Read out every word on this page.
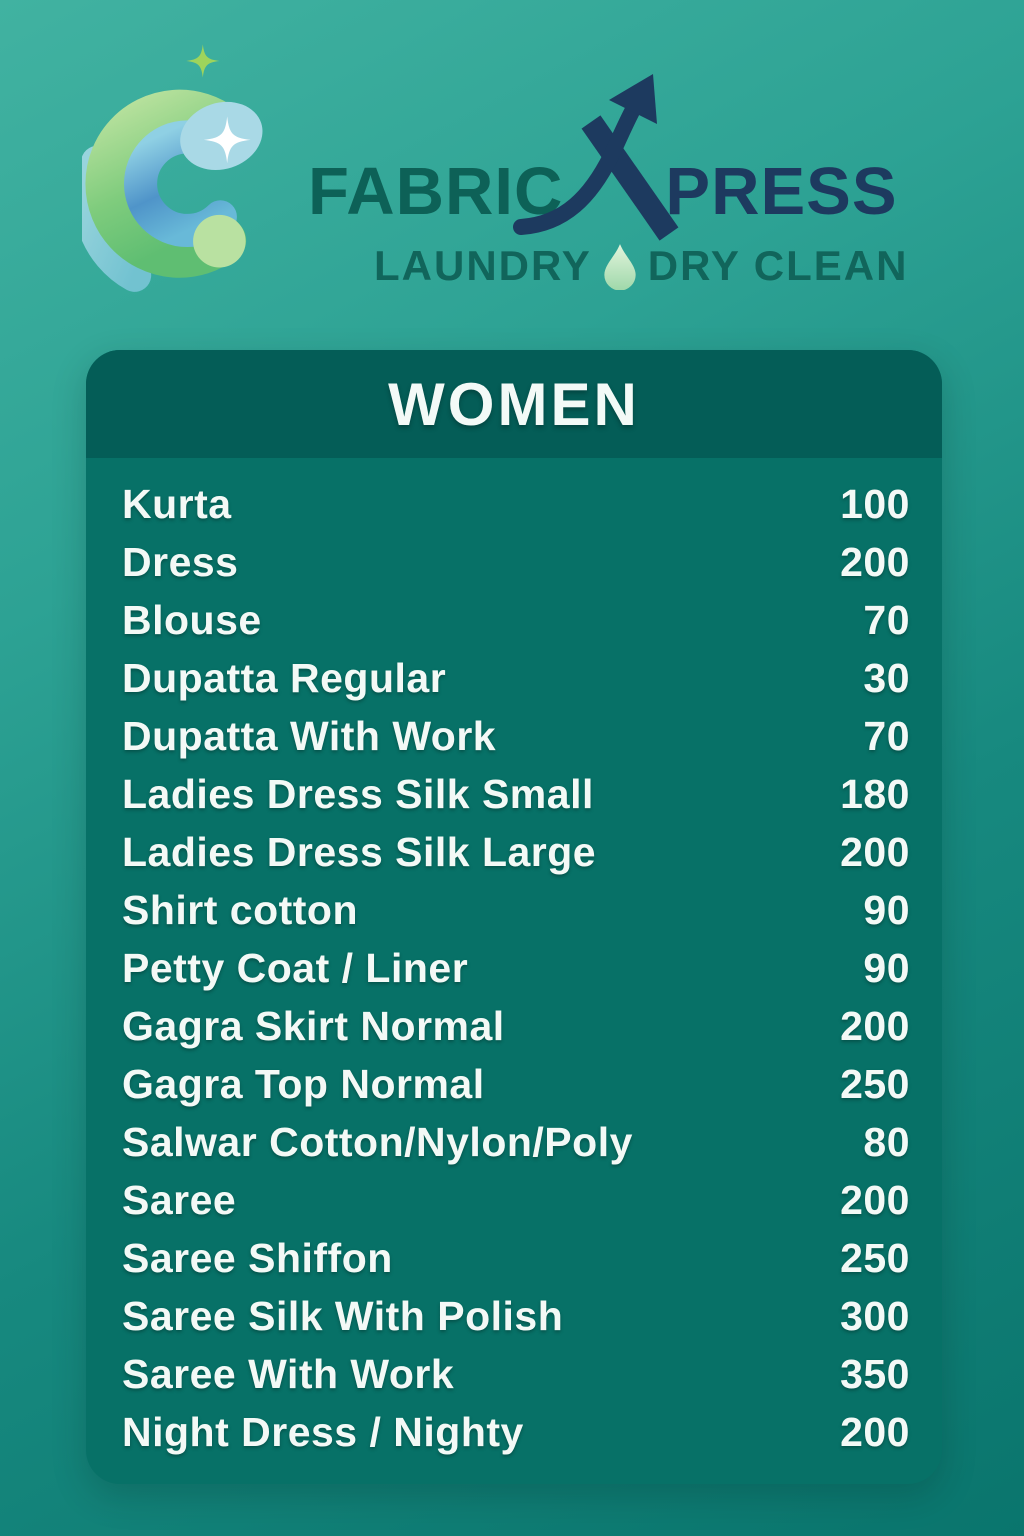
FABRIC PRESS
LAUNDRY DRY CLEAN
WOMEN
Kurta	100
Dress	200
Blouse	70
Dupatta Regular	30
Dupatta With Work	70
Ladies Dress Silk Small	180
Ladies Dress Silk Large	200
Shirt cotton	90
Petty Coat / Liner	90
Gagra Skirt Normal	200
Gagra Top Normal	250
Salwar Cotton/Nylon/Poly	80
Saree	200
Saree Shiffon	250
Saree Silk With Polish	300
Saree With Work	350
Night Dress / Nighty	200
